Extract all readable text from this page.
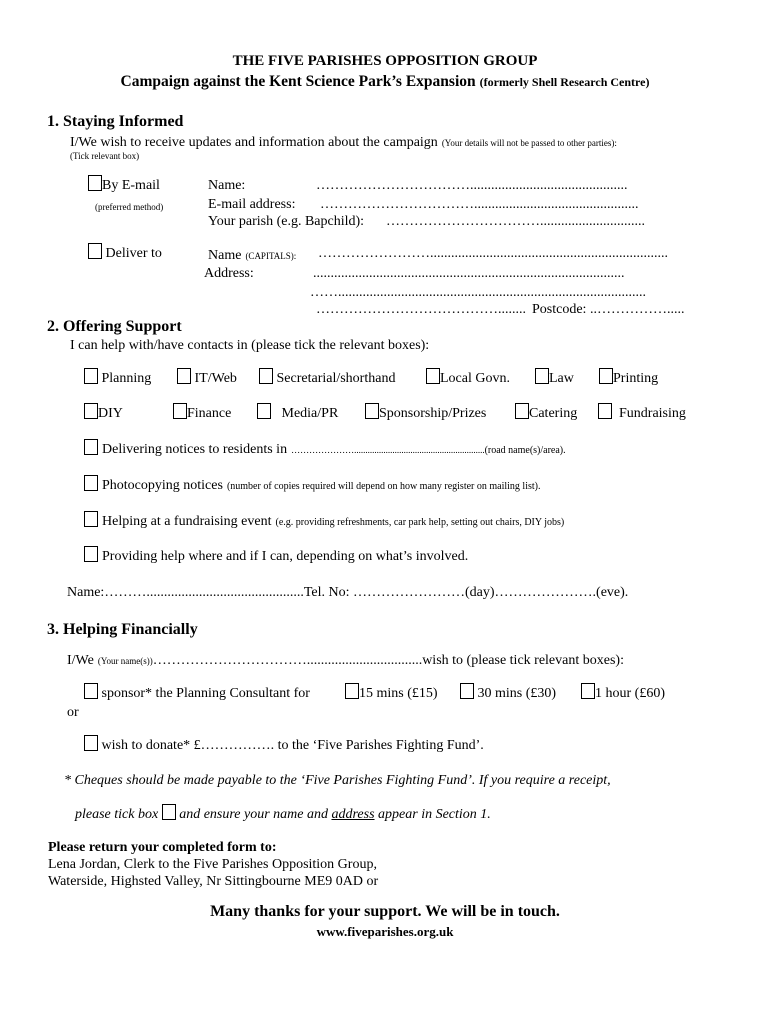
THE FIVE PARISHES OPPOSITION GROUP
Campaign against the Kent Science Park’s Expansion (formerly Shell Research Centre)
1. Staying Informed
I/We wish to receive updates and information about the campaign (Your details will not be passed to other parties):
(Tick relevant box)
By E-mail
(preferred method)
Name:	…………………………….............................................
E-mail address: ……………………………...............................................
Your parish (e.g. Bapchild): ……………………………..............................
Deliver to	Name (CAPITALS): ……………………....................................................................
Address:	.........................................................................................
……........................................................................................
…………………………………........ Postcode: ..…………….....
2. Offering Support
I can help with/have contacts in (please tick the relevant boxes):
Planning	IT/Web	Secretarial/shorthand	Local Govn.	Law	Printing
DIY	Finance	Media/PR	Sponsorship/Prizes	Catering	Fundraising
Delivering notices to residents in …………………..........................................................(road name(s)/area).
Photocopying notices (number of copies required will depend on how many register on mailing list).
Helping at a fundraising event (e.g. providing refreshments, car park help, setting out chairs, DIY jobs)
Providing help where and if I can, depending on what’s involved.
Name:……….............................................Tel. No: ……………………(day)………………….(eve).
3. Helping Financially
I/We (Your name(s))…………………………….................................wish to (please tick relevant boxes):
sponsor* the Planning Consultant for	15 mins (£15)	30 mins (£30)	1 hour (£60)
or
wish to donate* £……………. to the ‘Five Parishes Fighting Fund’.
* Cheques should be made payable to the ‘Five Parishes Fighting Fund’. If you require a receipt,
please tick box and ensure your name and address appear in Section 1.
Please return your completed form to:
Lena Jordan, Clerk to the Five Parishes Opposition Group,
Waterside, Highsted Valley, Nr Sittingbourne ME9 0AD or
Many thanks for your support. We will be in touch.
www.fiveparishes.org.uk
